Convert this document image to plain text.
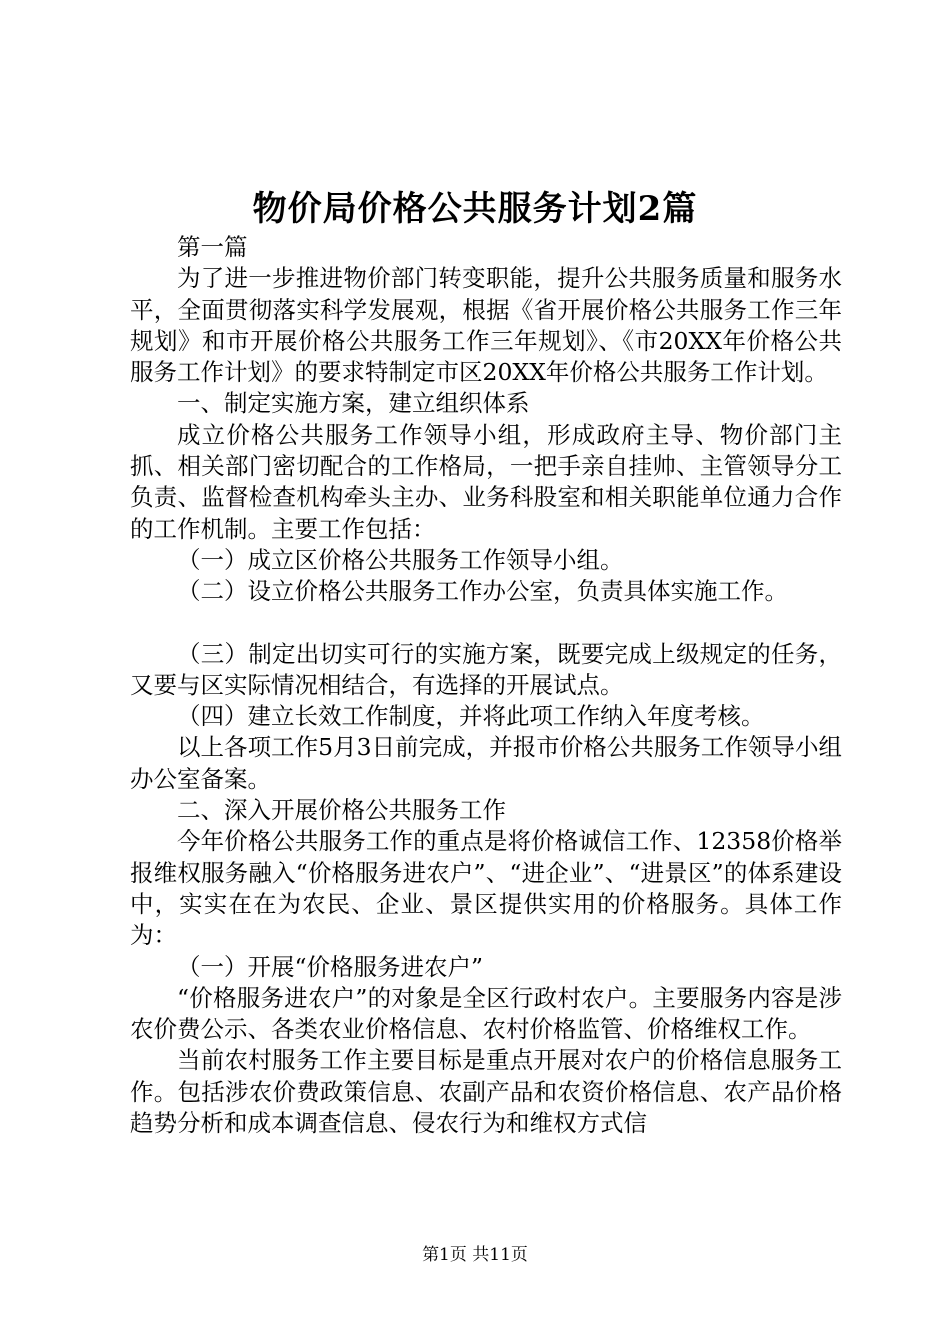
物价局价格公共服务计划2篇

第一篇

为了进一步推进物价部门转变职能，提升公共服务质量和服务水平，全面贯彻落实科学发展观，根据《省开展价格公共服务工作三年规划》和市开展价格公共服务工作三年规划》、《市20XX年价格公共服务工作计划》的要求特制定市区20XX年价格公共服务工作计划。

一、制定实施方案，建立组织体系

成立价格公共服务工作领导小组，形成政府主导、物价部门主抓、相关部门密切配合的工作格局，一把手亲自挂帅、主管领导分工负责、监督检查机构牵头主办、业务科股室和相关职能单位通力合作的工作机制。主要工作包括：

（一）成立区价格公共服务工作领导小组。

（二）设立价格公共服务工作办公室，负责具体实施工作。

（三）制定出切实可行的实施方案，既要完成上级规定的任务，又要与区实际情况相结合，有选择的开展试点。

（四）建立长效工作制度，并将此项工作纳入年度考核。

以上各项工作5月3日前完成，并报市价格公共服务工作领导小组办公室备案。

二、深入开展价格公共服务工作

今年价格公共服务工作的重点是将价格诚信工作、12358价格举报维权服务融入“价格服务进农户”、“进企业”、“进景区”的体系建设中，实实在在为农民、企业、景区提供实用的价格服务。具体工作为：

（一）开展“价格服务进农户”

“价格服务进农户”的对象是全区行政村农户。主要服务内容是涉农价费公示、各类农业价格信息、农村价格监管、价格维权工作。

当前农村服务工作主要目标是重点开展对农户的价格信息服务工作。包括涉农价费政策信息、农副产品和农资价格信息、农产品价格趋势分析和成本调查信息、侵农行为和维权方式信

第1页 共11页
